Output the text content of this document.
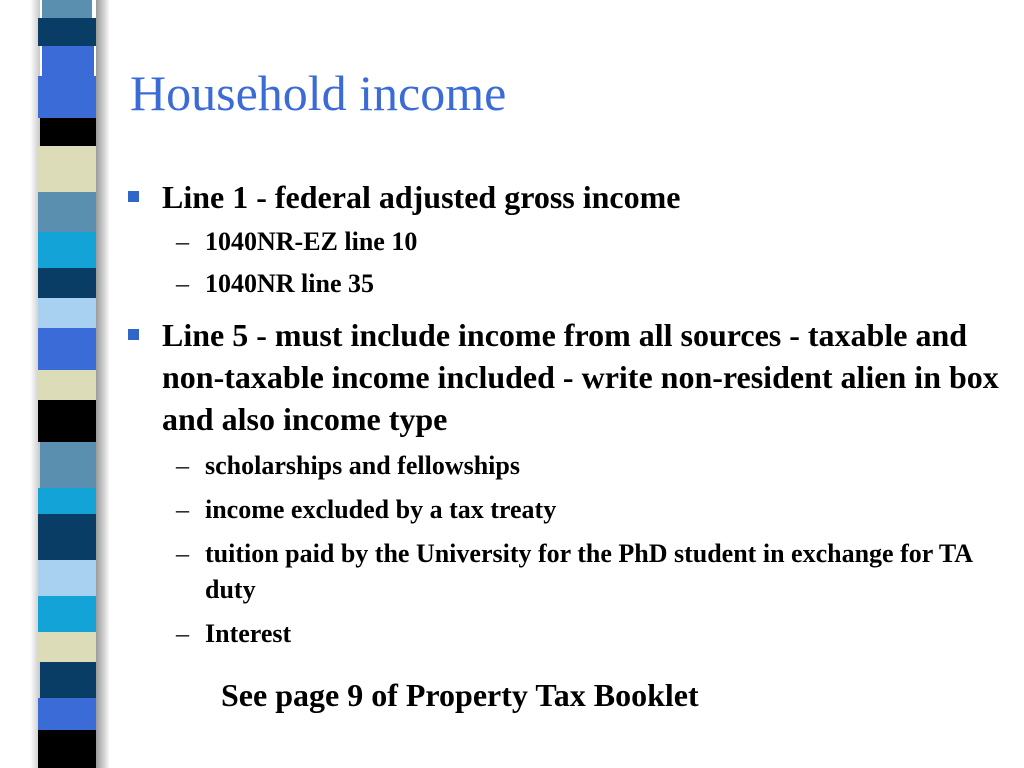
Household income

Line 1 - federal adjusted gross income

– 1040NR-EZ line 10

– 1040NR line 35

Line 5 - must include income from all sources - taxable and non-taxable income included - write non-resident alien in box and also income type

– scholarships and fellowships

– income excluded by a tax treaty

– tuition paid by the University for the PhD student in exchange for TA duty

– Interest

See page 9 of Property Tax Booklet
